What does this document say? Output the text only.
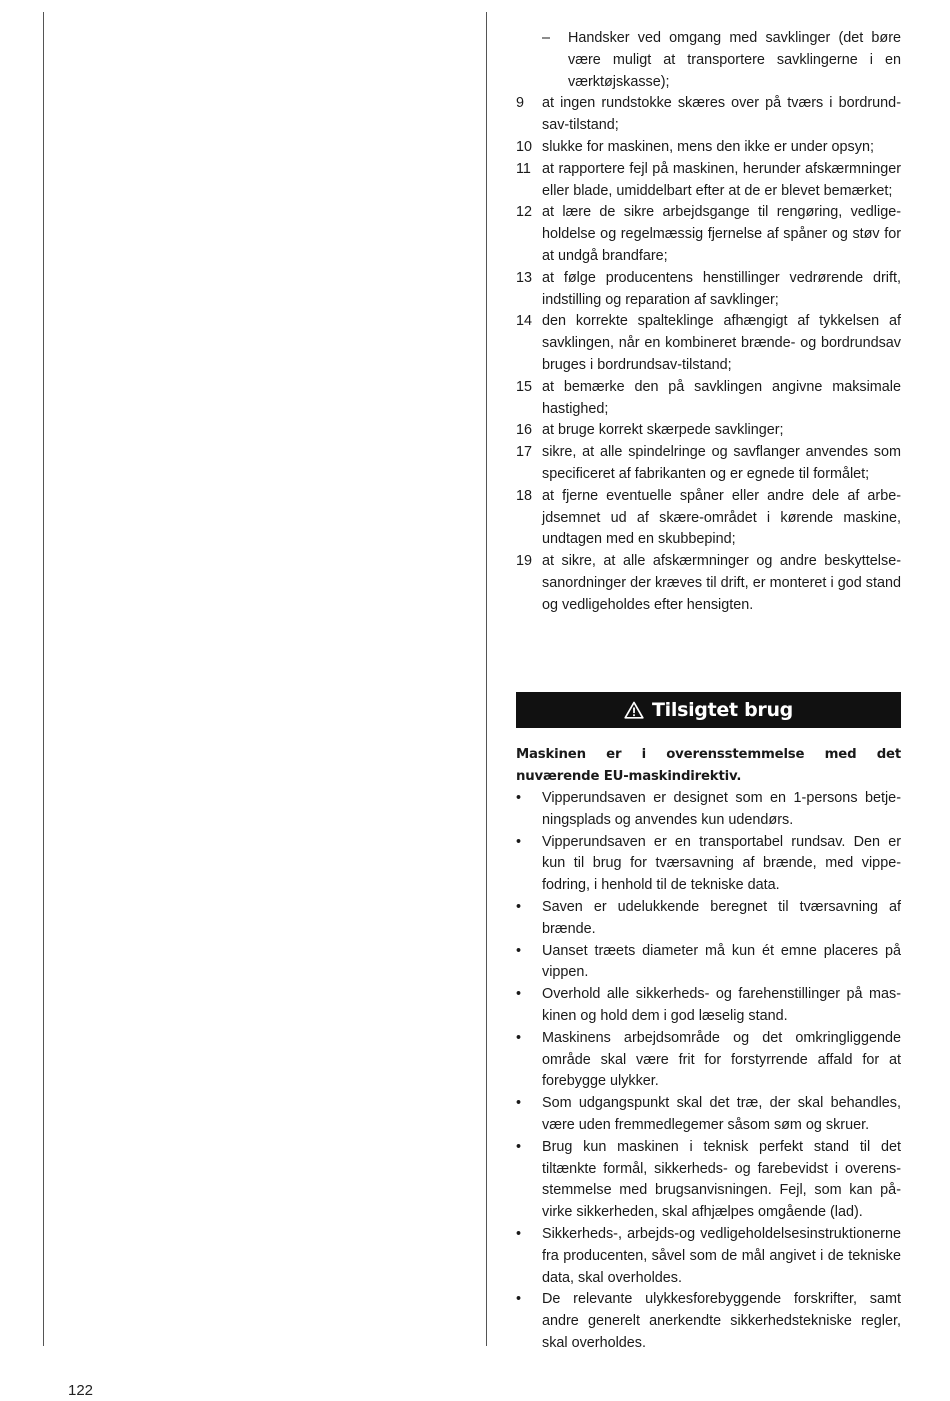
– Handsker ved omgang med savklinger (det børe være muligt at transportere savklingerne i en værktøjskasse);
9 at ingen rundstokke skæres over på tværs i bordrundsav-tilstand;
10 slukke for maskinen, mens den ikke er under opsyn;
11 at rapportere fejl på maskinen, herunder afskærmninger eller blade, umiddelbart efter at de er blevet bemærket;
12 at lære de sikre arbejdsgange til rengøring, vedligeholdelse og regelmæssig fjernelse af spåner og støv for at undgå brandfare;
13 at følge producentens henstillinger vedrørende drift, indstilling og reparation af savklinger;
14 den korrekte spalteklinge afhængigt af tykkelsen af savklingen, når en kombineret brænde- og bordrundsav bruges i bordrundsav-tilstand;
15 at bemærke den på savklingen angivne maksimale hastighed;
16 at bruge korrekt skærpede savklinger;
17 sikre, at alle spindelringe og savflanger anvendes som specificeret af fabrikanten og er egnede til formålet;
18 at fjerne eventuelle spåner eller andre dele af arbejdsemnet ud af skære-området i kørende maskine, undtagen med en skubbepind;
19 at sikre, at alle afskærmninger og andre beskyttelsesanordninger der kræves til drift, er monteret i god stand og vedligeholdes efter hensigten.
Tilsigtet brug
Maskinen er i overensstemmelse med det nuværende EU-maskindirektiv.
• Vipperundsaven er designet som en 1-persons betjeningsplads og anvendes kun udendørs.
• Vipperundsaven er en transportabel rundsav. Den er kun til brug for tværsavning af brænde, med vippefodring, i henhold til de tekniske data.
• Saven er udelukkende beregnet til tværsavning af brænde.
• Uanset træets diameter må kun ét emne placeres på vippen.
• Overhold alle sikkerheds- og farehenstillinger på maskinen og hold dem i god læselig stand.
• Maskinens arbejdsområde og det omkringliggende område skal være frit for forstyrrende affald for at forebygge ulykker.
• Som udgangspunkt skal det træ, der skal behandles, være uden fremmedlegemer såsom søm og skruer.
• Brug kun maskinen i teknisk perfekt stand til det tiltænkte formål, sikkerheds- og farebevidst i overensstemmelse med brugsanvisningen. Fejl, som kan påvirke sikkerheden, skal afhjælpes omgående (lad).
• Sikkerheds-, arbejds-og vedligeholdelsesinstruktionerne fra producenten, såvel som de mål angivet i de tekniske data, skal overholdes.
• De relevante ulykkesforebyggende forskrifter, samt andre generelt anerkendte sikkerhedstekniske regler, skal overholdes.
122
